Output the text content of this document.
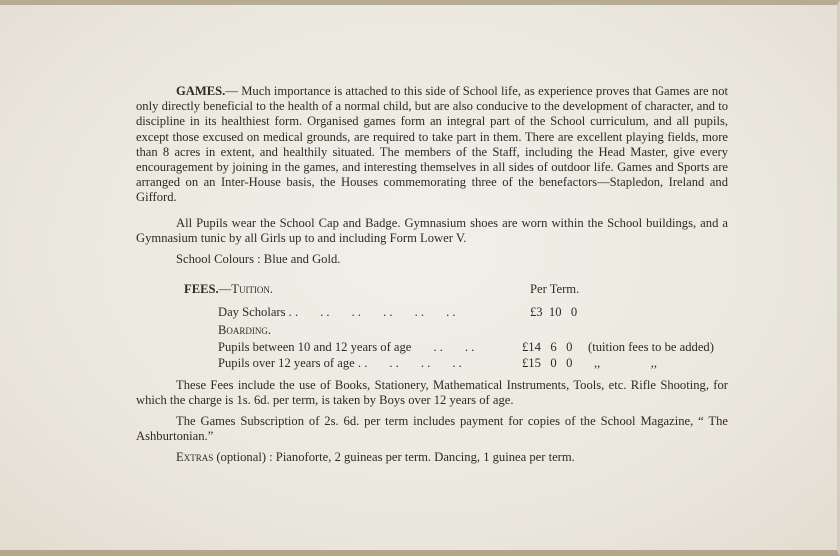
GAMES.— Much importance is attached to this side of School life, as experience proves that Games are not only directly beneficial to the health of a normal child, but are also conducive to the development of character, and to discipline in its healthiest form. Organised games form an integral part of the School curriculum, and all pupils, except those excused on medical grounds, are required to take part in them. There are excellent playing fields, more than 8 acres in extent, and healthily situated. The members of the Staff, including the Head Master, give every encouragement by joining in the games, and interesting themselves in all sides of outdoor life. Games and Sports are arranged on an Inter-House basis, the Houses commemorating three of the benefactors—Stapledon, Ireland and Gifford.
All Pupils wear the School Cap and Badge. Gymnasium shoes are worn within the School buildings, and a Gymnasium tunic by all Girls up to and including Form Lower V.
School Colours : Blue and Gold.
FEES.—Tuition.	Per Term.
Day Scholars . .       . .       . .       . .       . .       . .	£3  10   0
Boarding.
Pupils between 10 and 12 years of age       . .       . .	£14   6   0 (tuition fees to be added)
Pupils over 12 years of age . .       . .       . .       . .	£15   0   0 ,,                ,,
These Fees include the use of Books, Stationery, Mathematical Instruments, Tools, etc. Rifle Shooting, for which the charge is 1s. 6d. per term, is taken by Boys over 12 years of age.
The Games Subscription of 2s. 6d. per term includes payment for copies of the School Magazine, “ The Ashburtonian.”
Extras (optional) : Pianoforte, 2 guineas per term. Dancing, 1 guinea per term.
